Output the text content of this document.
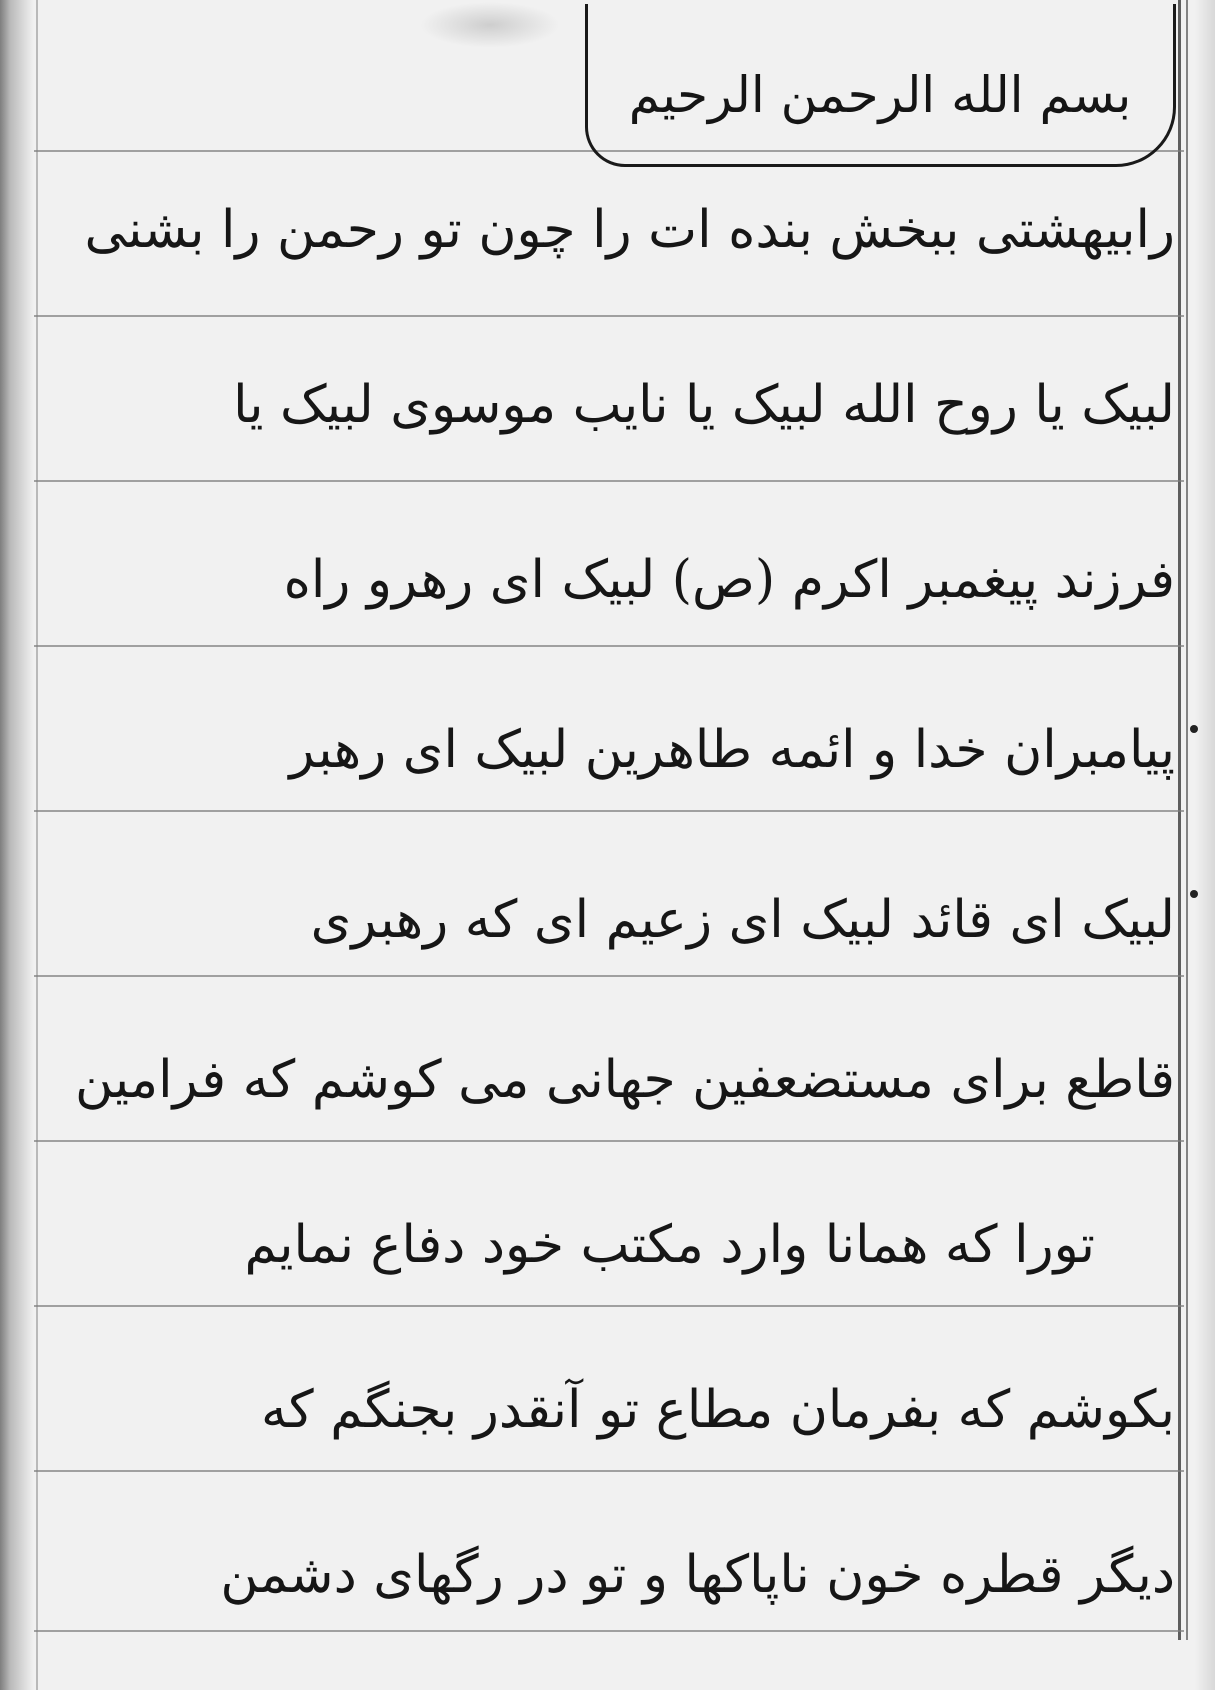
بسم الله الرحمن الرحیم
رابیهشتی ببخش بنده ات را چون تو رحمن را بشنی
لبیک یا روح الله لبیک یا نایب موسوی لبیک یا
فرزند پیغمبر اکرم (ص) لبیک ای رهرو راه
پیامبران خدا و ائمه طاهرین لبیک ای رهبر
لبیک ای قائد لبیک ای زعیم ای که رهبری
قاطع برای مستضعفین جهانی می کوشم که فرامین
تورا که همانا وارد مکتب خود دفاع نمایم
بکوشم که بفرمان مطاع تو آنقدر بجنگم که
دیگر قطره خون ناپاکها و تو در رگهای دشمن
